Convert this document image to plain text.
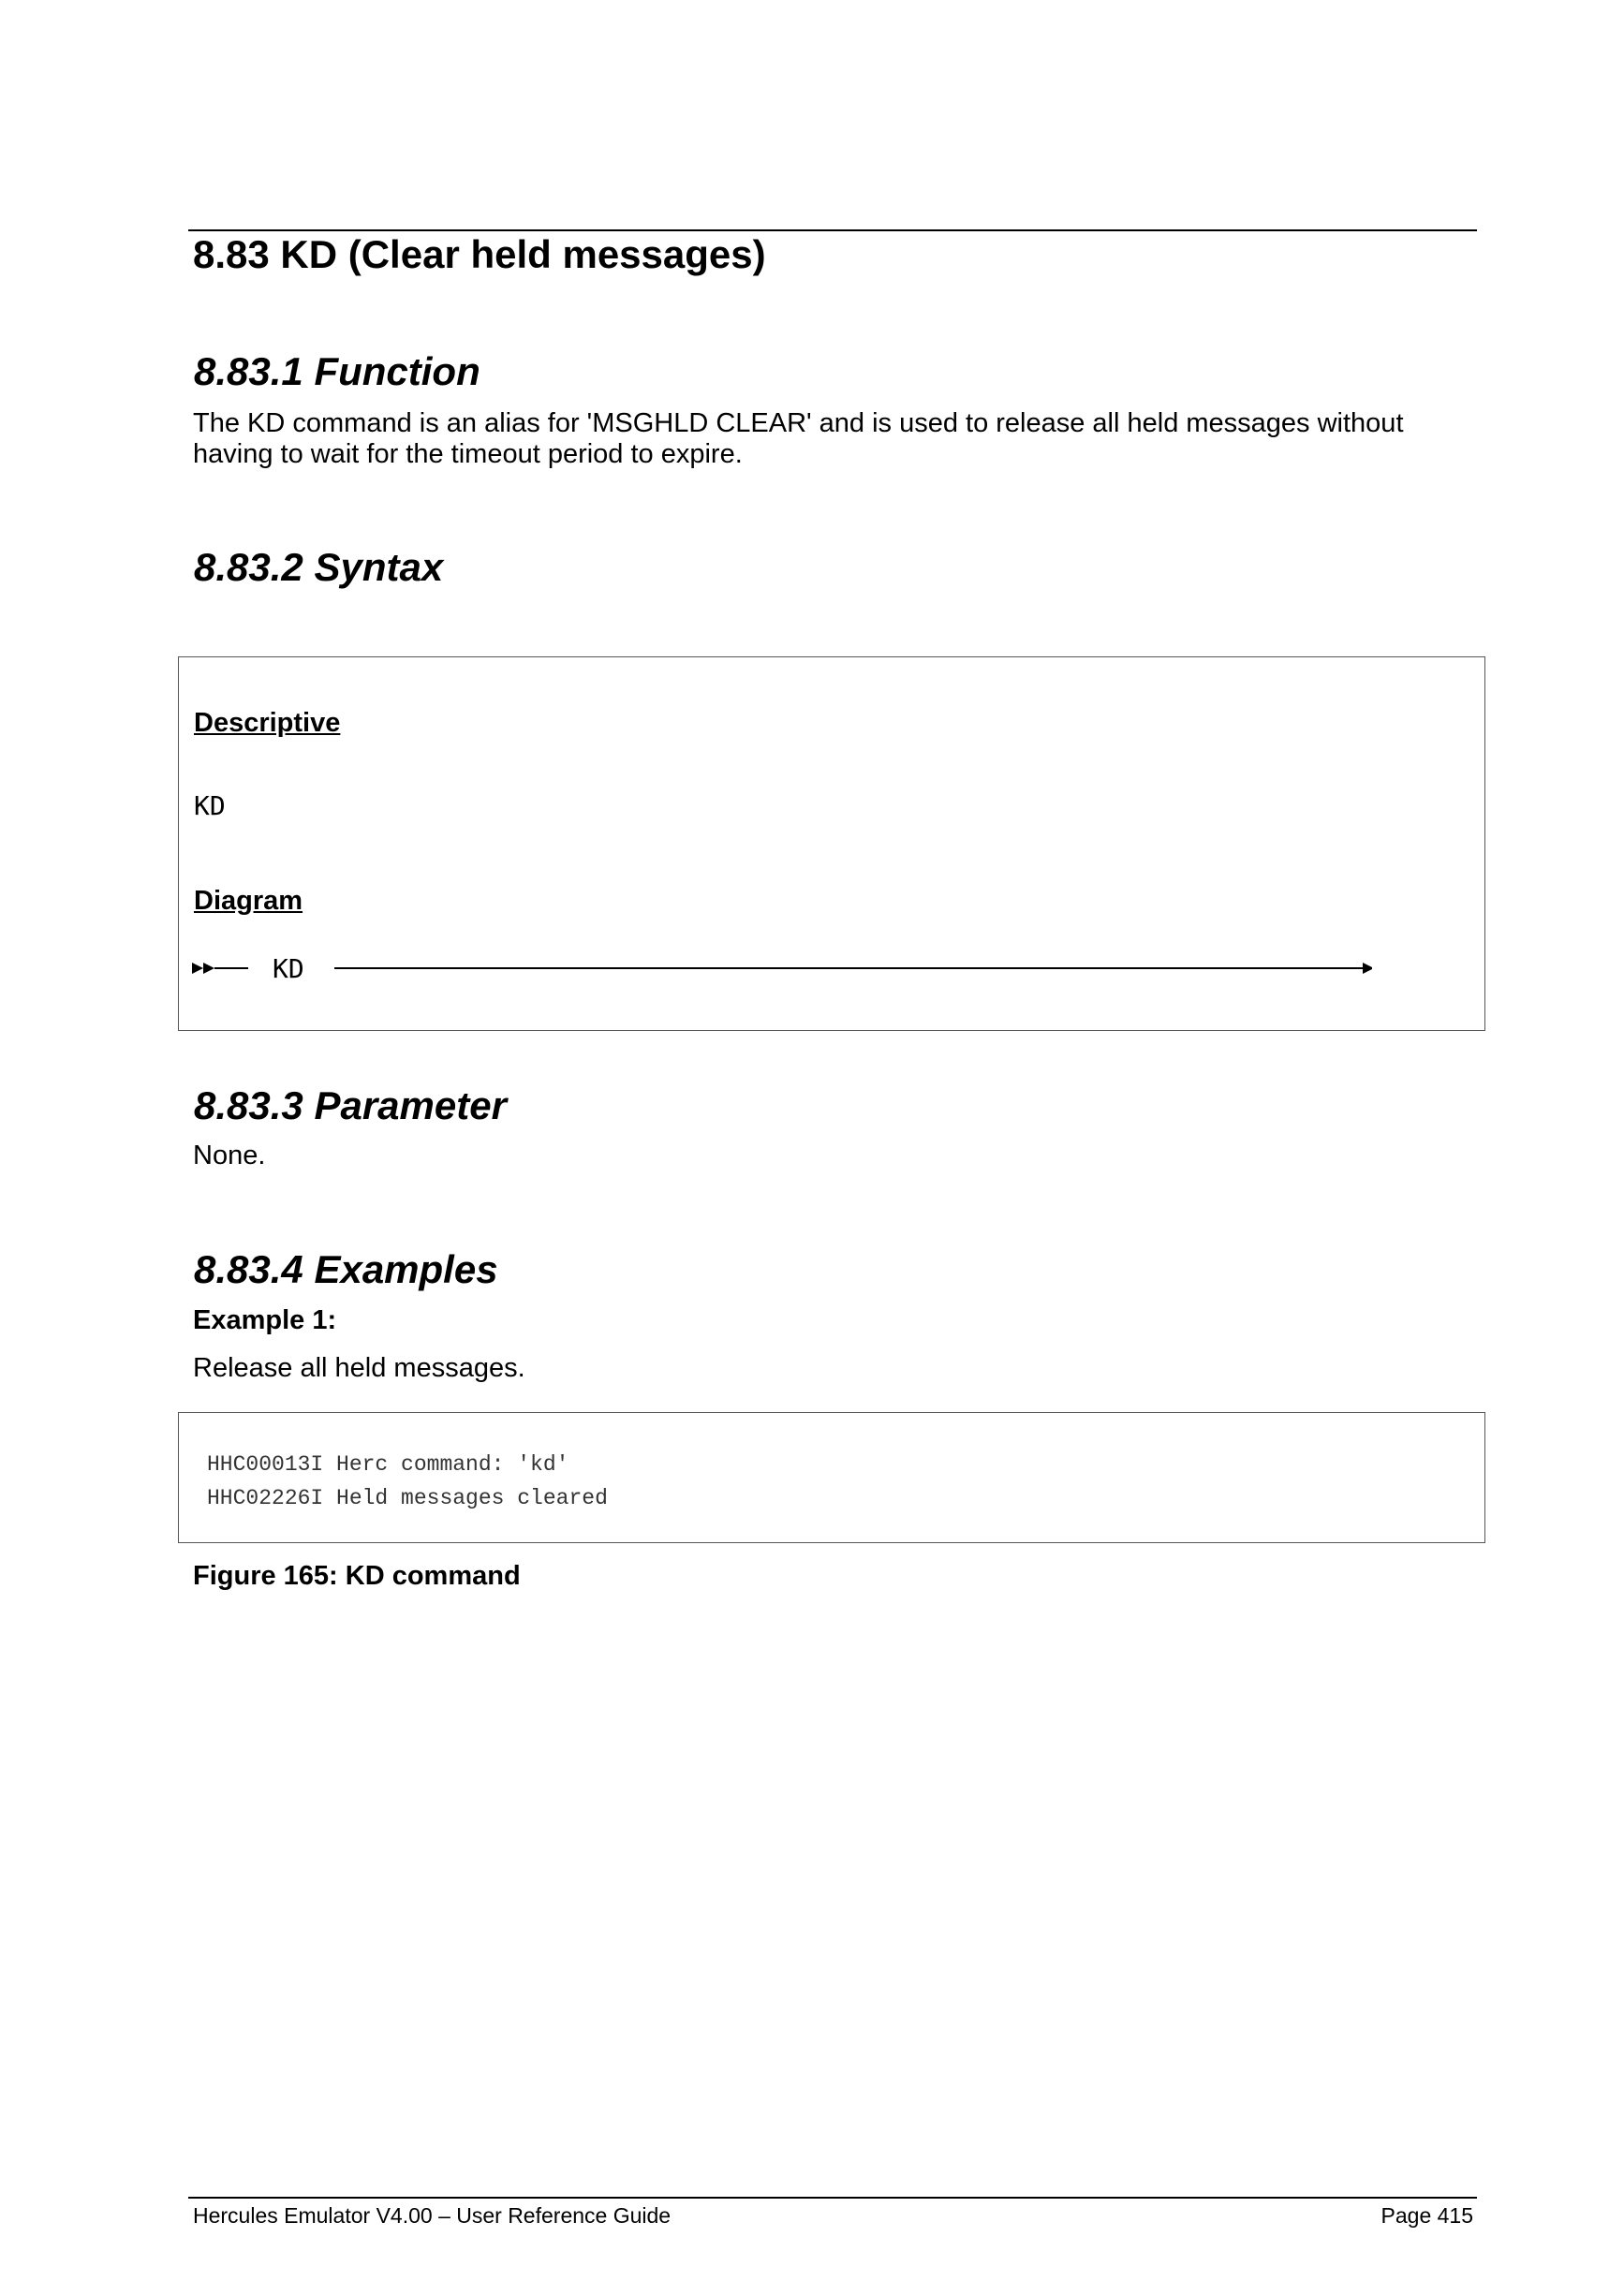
8.83 KD (Clear held messages)
8.83.1 Function

The KD command is an alias for 'MSGHLD CLEAR' and is used to release all held messages without having to wait for the timeout period to expire.

8.83.2 Syntax
Descriptive
KD
Diagram
KD
8.83.3 Parameter

None.

8.83.4 Examples
Example 1:

Release all held messages.

HHC00013I Herc command: 'kd'
HHC02226I Held messages cleared
Figure 165: KD command
Hercules Emulator V4.00 – User Reference Guide	Page 415
